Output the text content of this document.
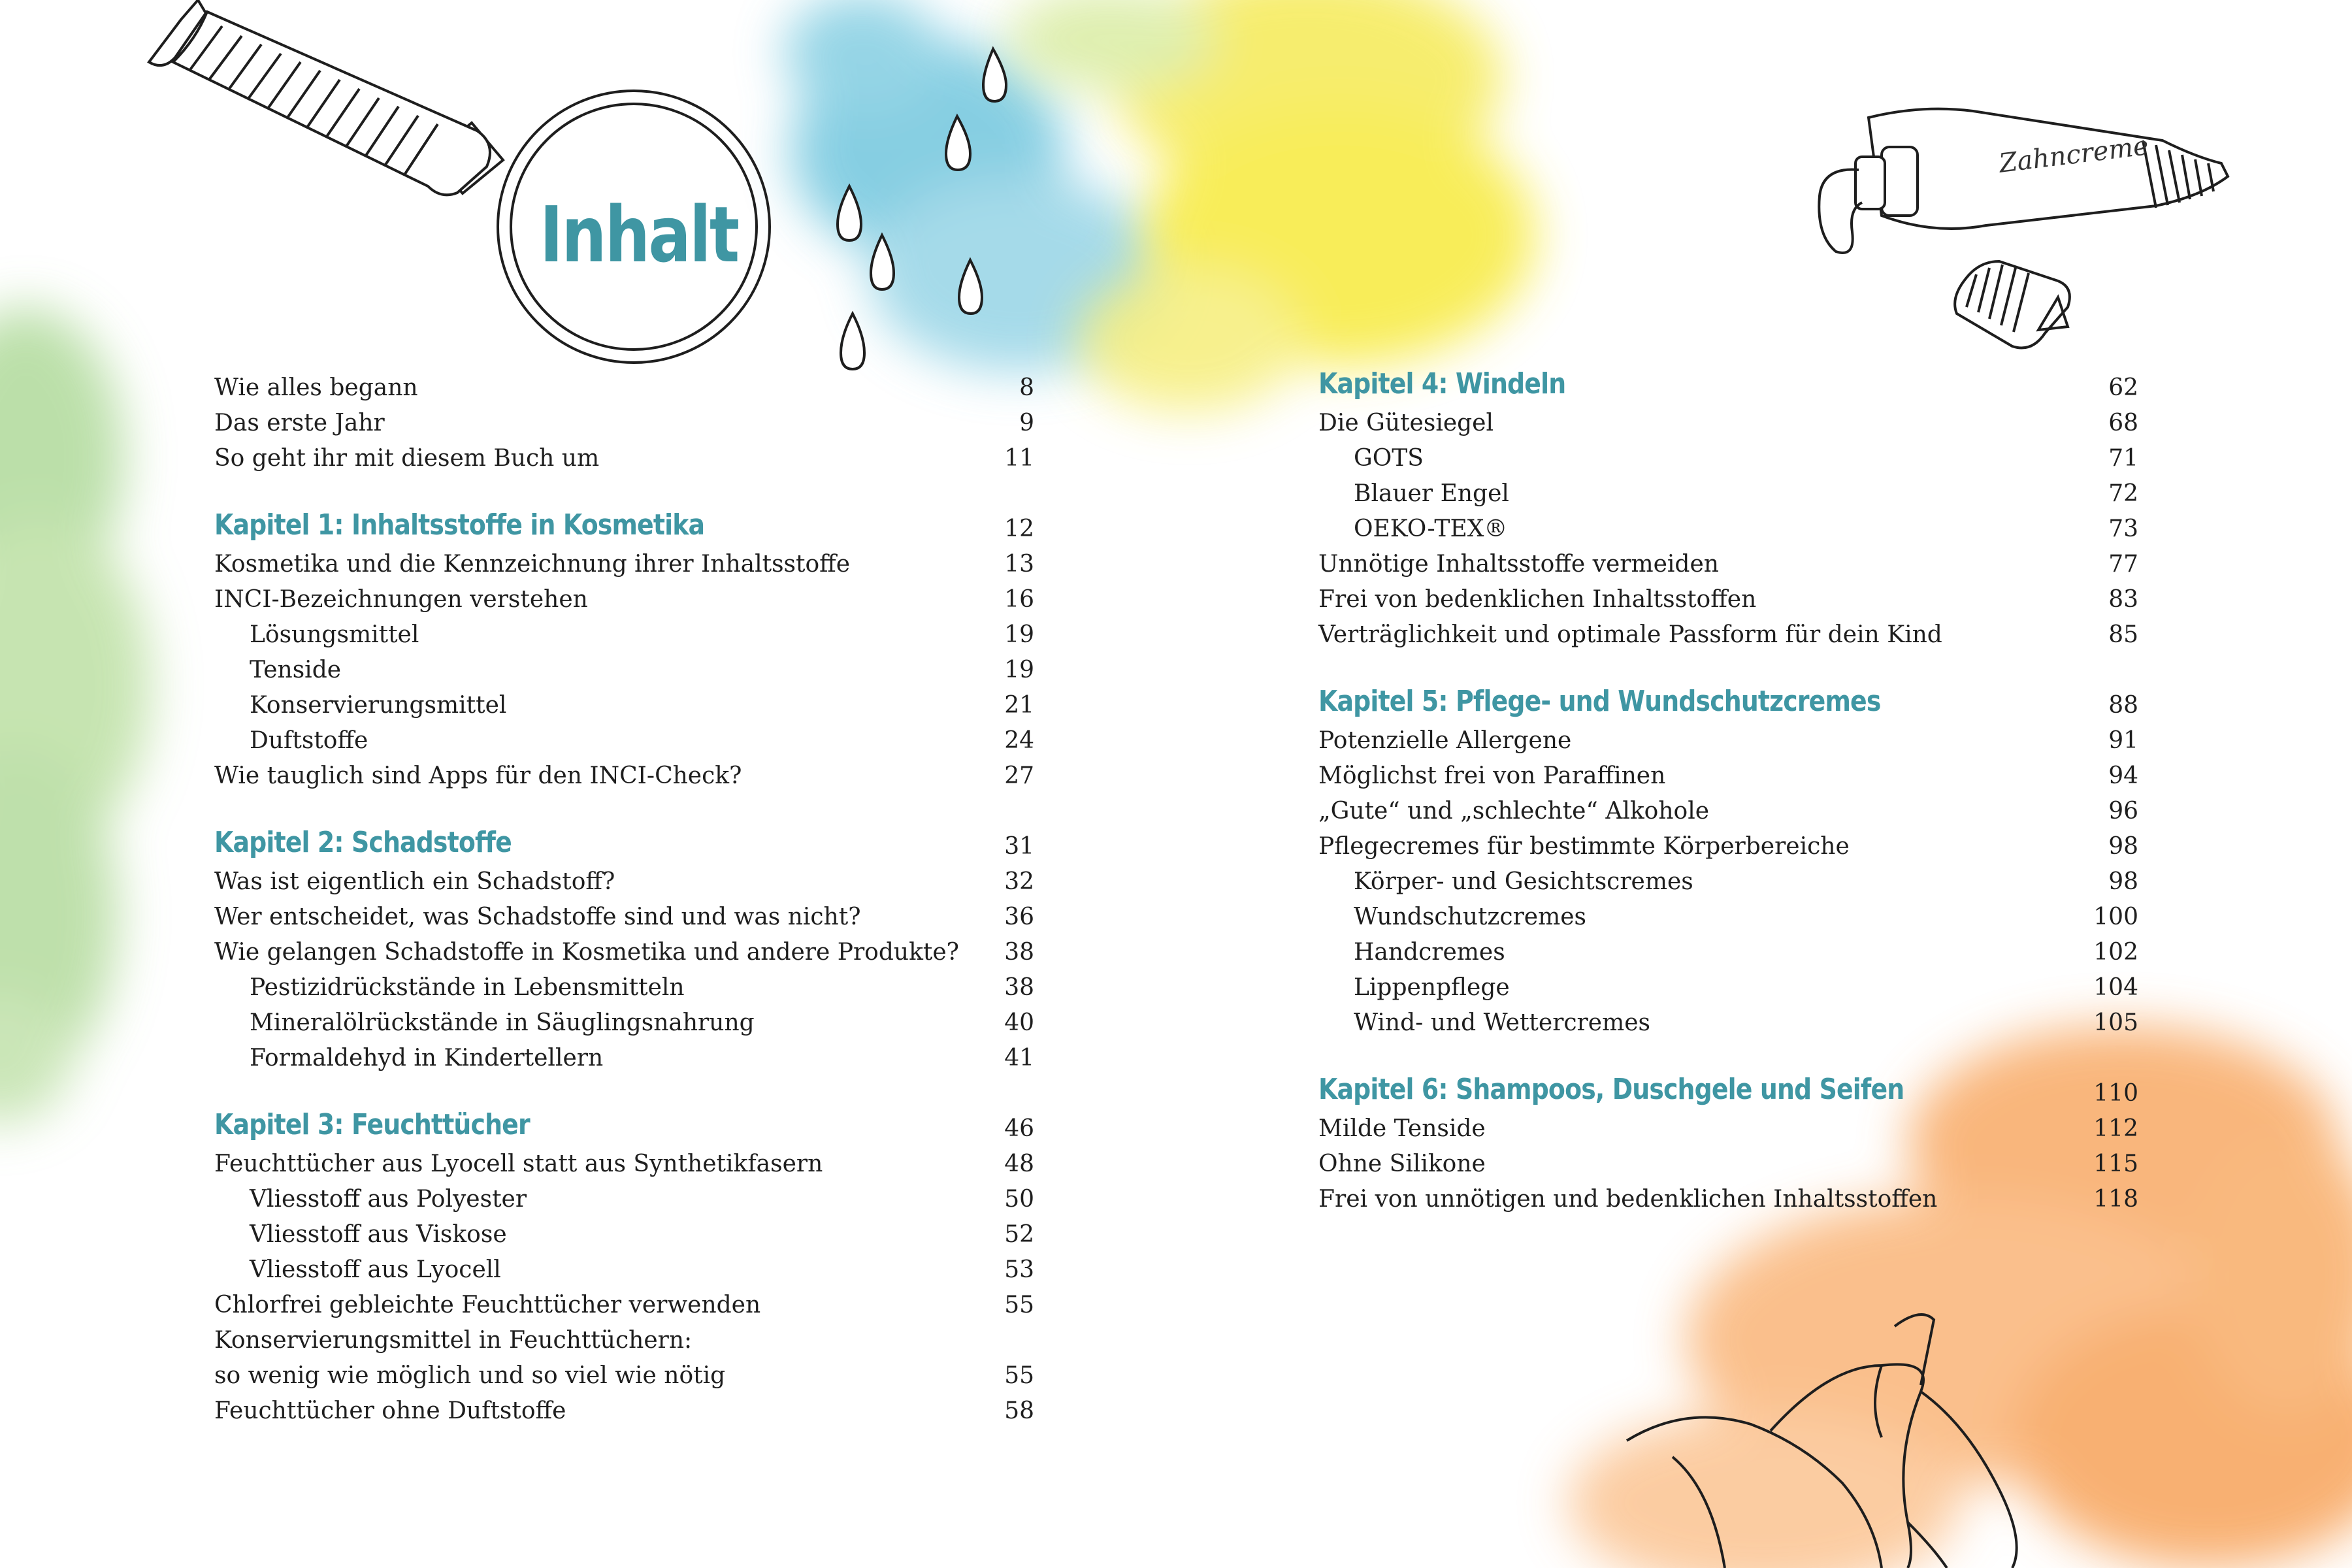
Inhalt
Zahncreme
Wie alles begann	8
Das erste Jahr	9
So geht ihr mit diesem Buch um	11
Kapitel 1: Inhaltsstoffe in Kosmetika	12
Kosmetika und die Kennzeichnung ihrer Inhaltsstoffe	13
INCI-Bezeichnungen verstehen	16
Lösungsmittel	19
Tenside	19
Konservierungsmittel	21
Duftstoffe	24
Wie tauglich sind Apps für den INCI-Check?	27
Kapitel 2: Schadstoffe	31
Was ist eigentlich ein Schadstoff?	32
Wer entscheidet, was Schadstoffe sind und was nicht?	36
Wie gelangen Schadstoffe in Kosmetika und andere Produkte? 38
Pestizidrückstände in Lebensmitteln	38
Mineralölrückstände in Säuglingsnahrung	40
Formaldehyd in Kindertellern	41
Kapitel 3: Feuchttücher	46
Feuchttücher aus Lyocell statt aus Synthetikfasern	48
Vliesstoff aus Polyester	50
Vliesstoff aus Viskose	52
Vliesstoff aus Lyocell	53
Chlorfrei gebleichte Feuchttücher verwenden	55
Konservierungsmittel in Feuchttüchern:
so wenig wie möglich und so viel wie nötig	55
Feuchttücher ohne Duftstoffe	58
Kapitel 4: Windeln	62
Die Gütesiegel	68
GOTS	71
Blauer Engel	72
OEKO-TEX®	73
Unnötige Inhaltsstoffe vermeiden	77
Frei von bedenklichen Inhaltsstoffen	83
Verträglichkeit und optimale Passform für dein Kind	85
Kapitel 5: Pflege- und Wundschutzcremes	88
Potenzielle Allergene	91
Möglichst frei von Paraffinen	94
„Gute“ und „schlechte“ Alkohole	96
Pflegecremes für bestimmte Körperbereiche	98
Körper- und Gesichtscremes	98
Wundschutzcremes	100
Handcremes	102
Lippenpflege	104
Wind- und Wettercremes	105
Kapitel 6: Shampoos, Duschgele und Seifen	110
Milde Tenside	112
Ohne Silikone	115
Frei von unnötigen und bedenklichen Inhaltsstoffen	118
